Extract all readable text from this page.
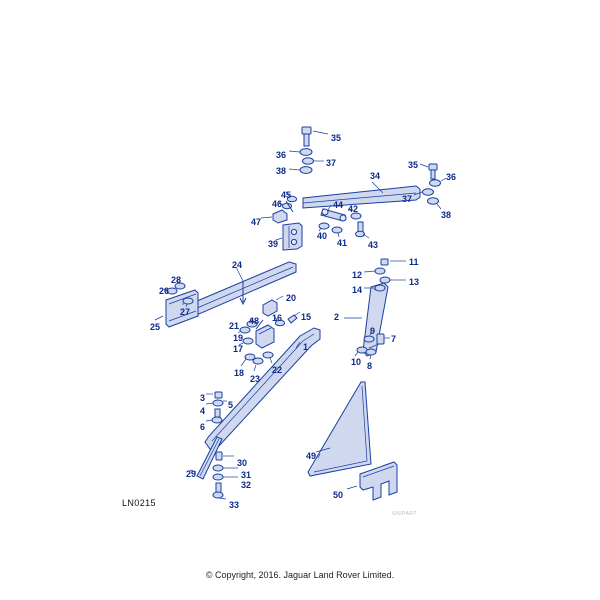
LN0215
UNIPART
© Copyright, 2016. Jaguar Land Rover Limited.
35
36
37
38	34
35
36
37
38
45
46	44 42
47
43
40
41
39
11
12
13
14
24
28
26
27
25
20
16 15	2
9
7
21 48
19
17	1
10 8
18
23
22
3
4
5
6
49
30
29	31
32
33
50
